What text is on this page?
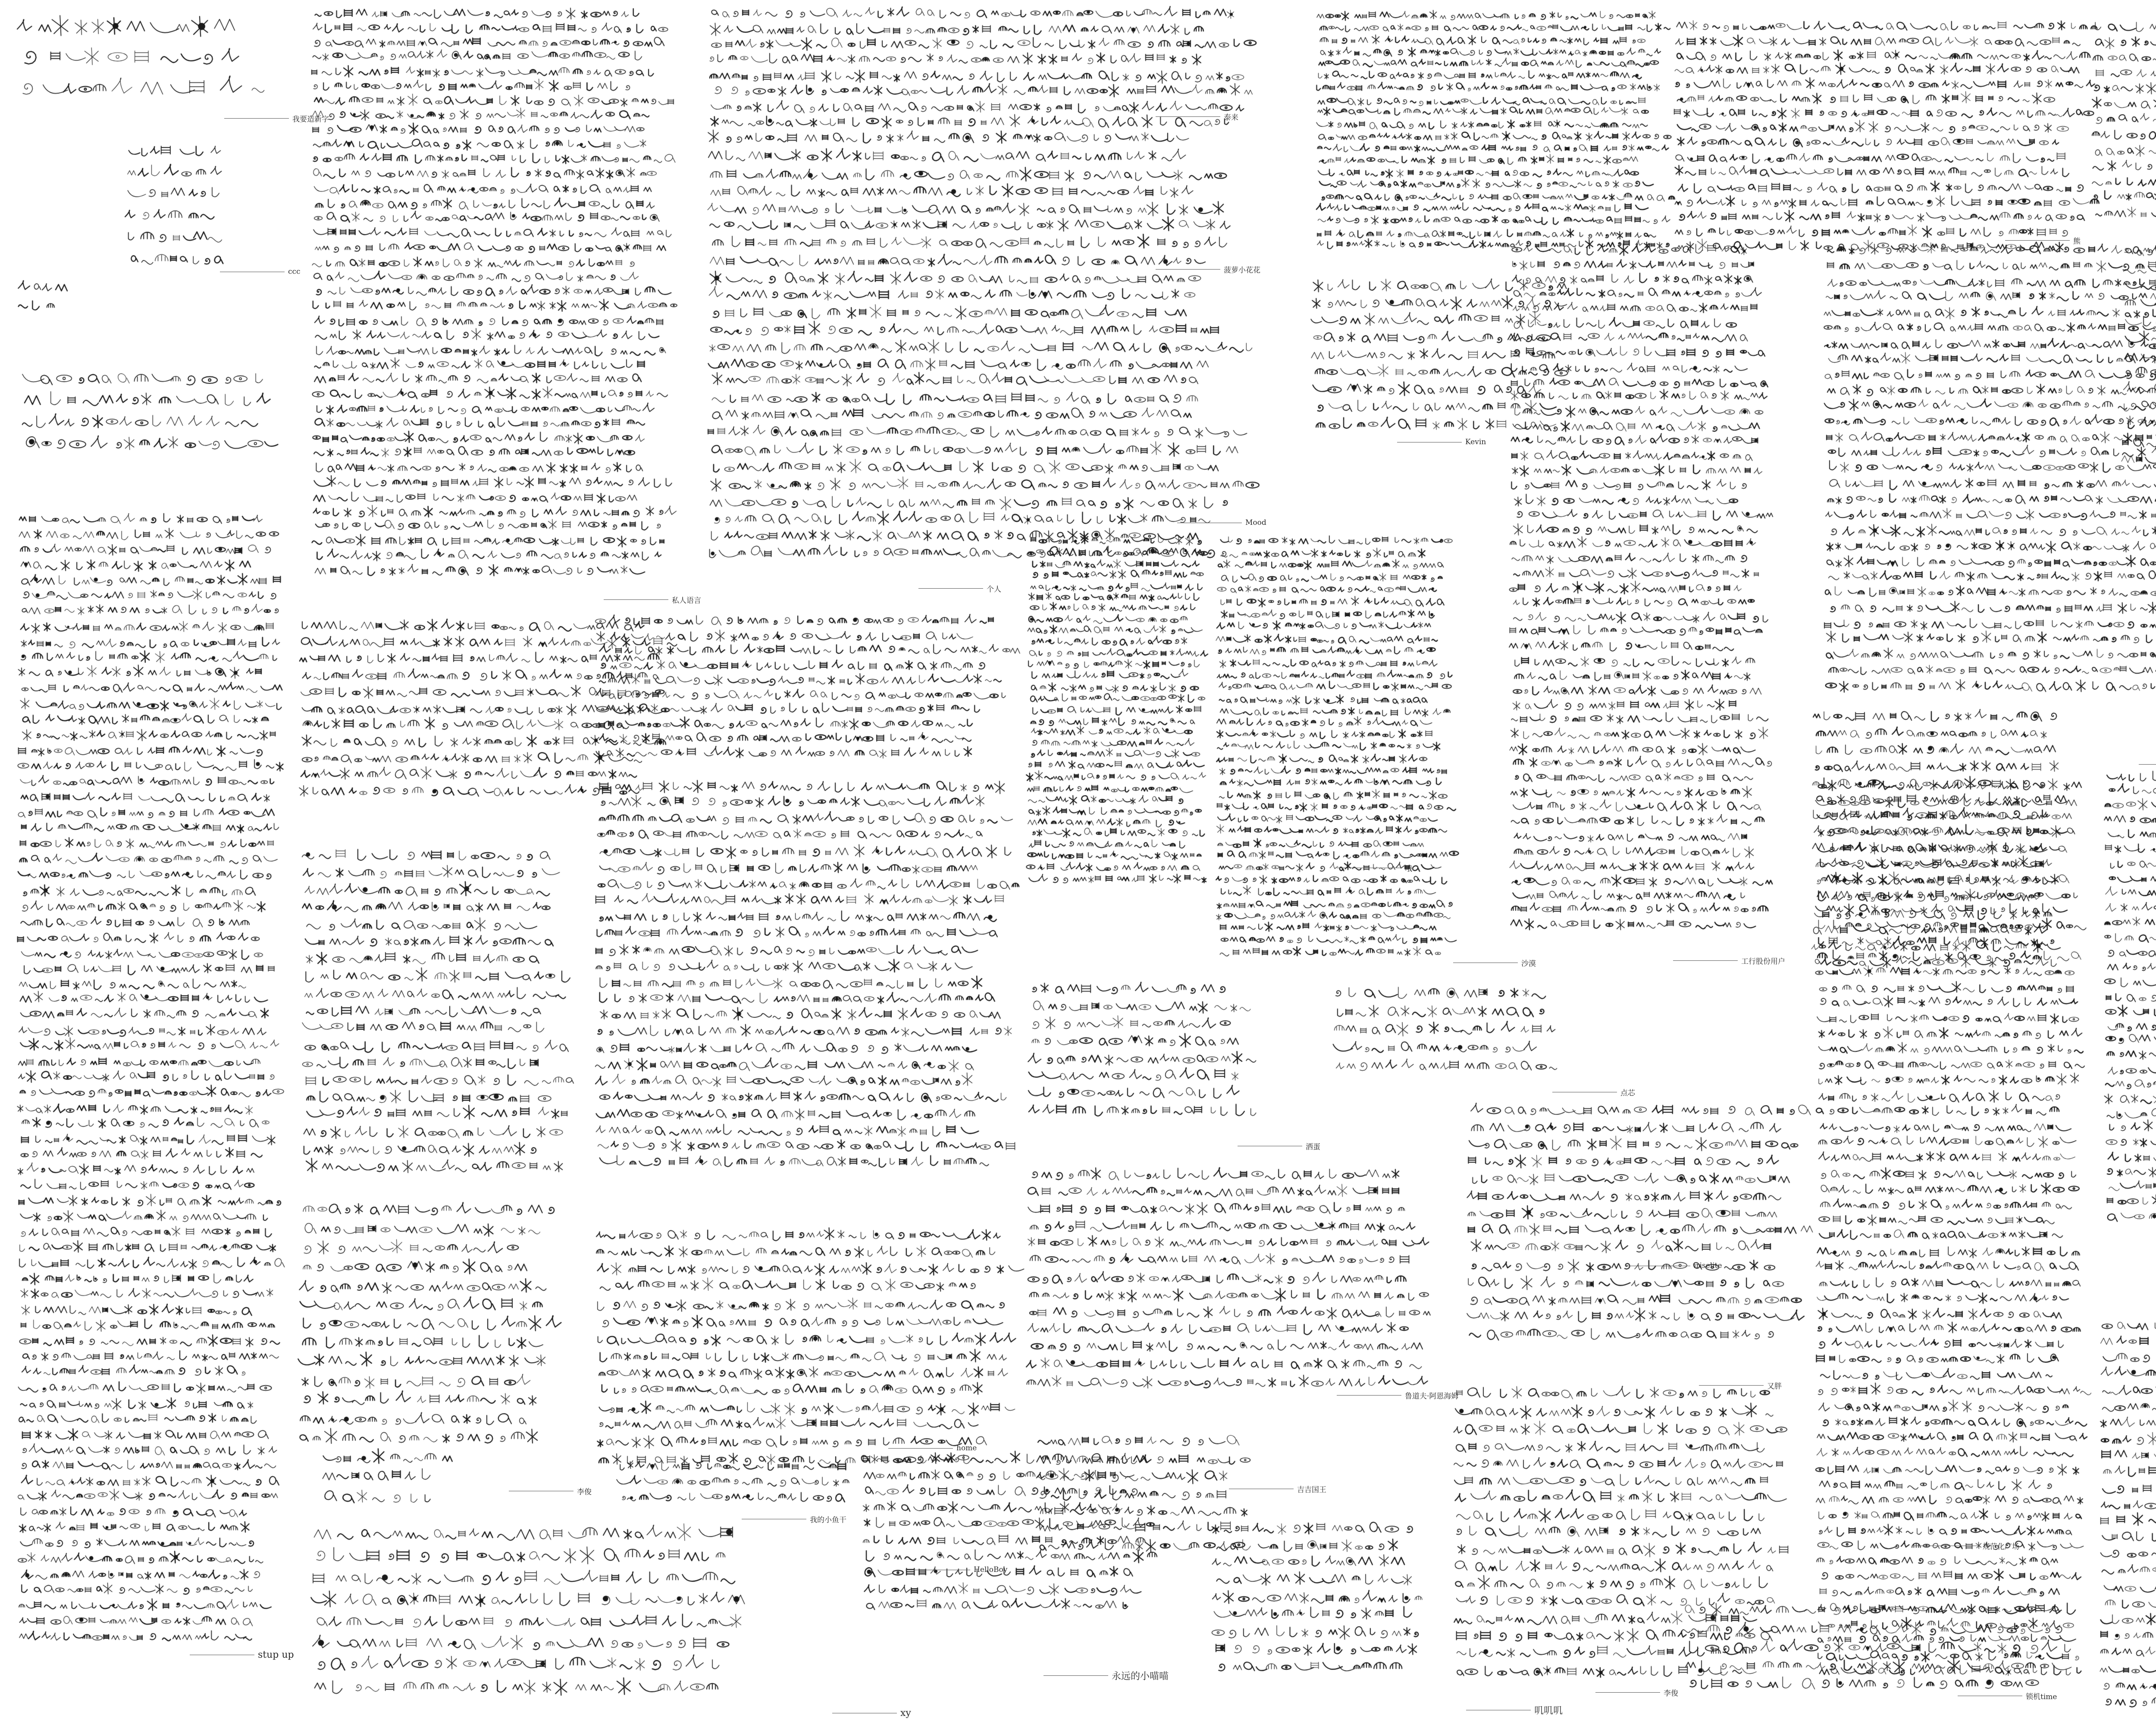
我要造新字
ccc
stup up
私人语言
个人
Kevin
菠萝小花花
Mood
沙漠	工行股份用户
点芯
洒蛋
iriselite
又胖
鲁道夫·阿恩海姆
home
吉吉国王
我的小鱼干
李俊
HelloBoy
规范化广场
永远的小喵喵
xy	叽叽叽
锁机time
泰来
熊
哦
李俊
